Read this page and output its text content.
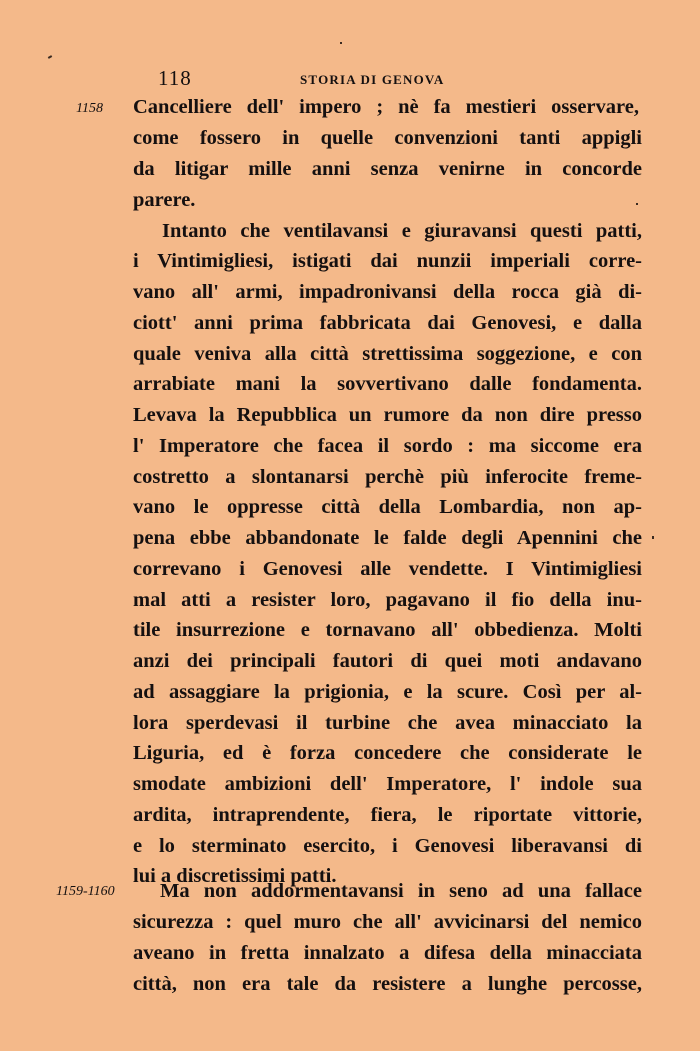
118	STORIA DI GENOVA
1158
1159-1160
Cancelliere dell' impero ; nè fa mestieri osservare,
come fossero in quelle convenzioni tanti appigli
da litigar mille anni senza venirne in concorde
parere.
Intanto che ventilavansi e giuravansi questi patti,
i Vintimigliesi, istigati dai nunzii imperiali corre-
vano all' armi, impadronivansi della rocca già di-
ciott' anni prima fabbricata dai Genovesi, e dalla
quale veniva alla città strettissima soggezione, e con
arrabiate mani la sovvertivano dalle fondamenta.
Levava la Repubblica un rumore da non dire presso
l' Imperatore che facea il sordo : ma siccome era
costretto a slontanarsi perchè più inferocite freme-
vano le oppresse città della Lombardia, non ap-
pena ebbe abbandonate le falde degli Apennini che
correvano i Genovesi alle vendette. I Vintimigliesi
mal atti a resister loro, pagavano il fio della inu-
tile insurrezione e tornavano all' obbedienza. Molti
anzi dei principali fautori di quei moti andavano
ad assaggiare la prigionia, e la scure. Così per al-
lora sperdevasi il turbine che avea minacciato la
Liguria, ed è forza concedere che considerate le
smodate ambizioni dell' Imperatore, l' indole sua
ardita, intraprendente, fiera, le riportate vittorie,
e lo sterminato esercito, i Genovesi liberavansi di
lui a discretissimi patti.
Ma non addormentavansi in seno ad una fallace
sicurezza : quel muro che all' avvicinarsi del nemico
aveano in fretta innalzato a difesa della minacciata
città, non era tale da resistere a lunghe percosse,
